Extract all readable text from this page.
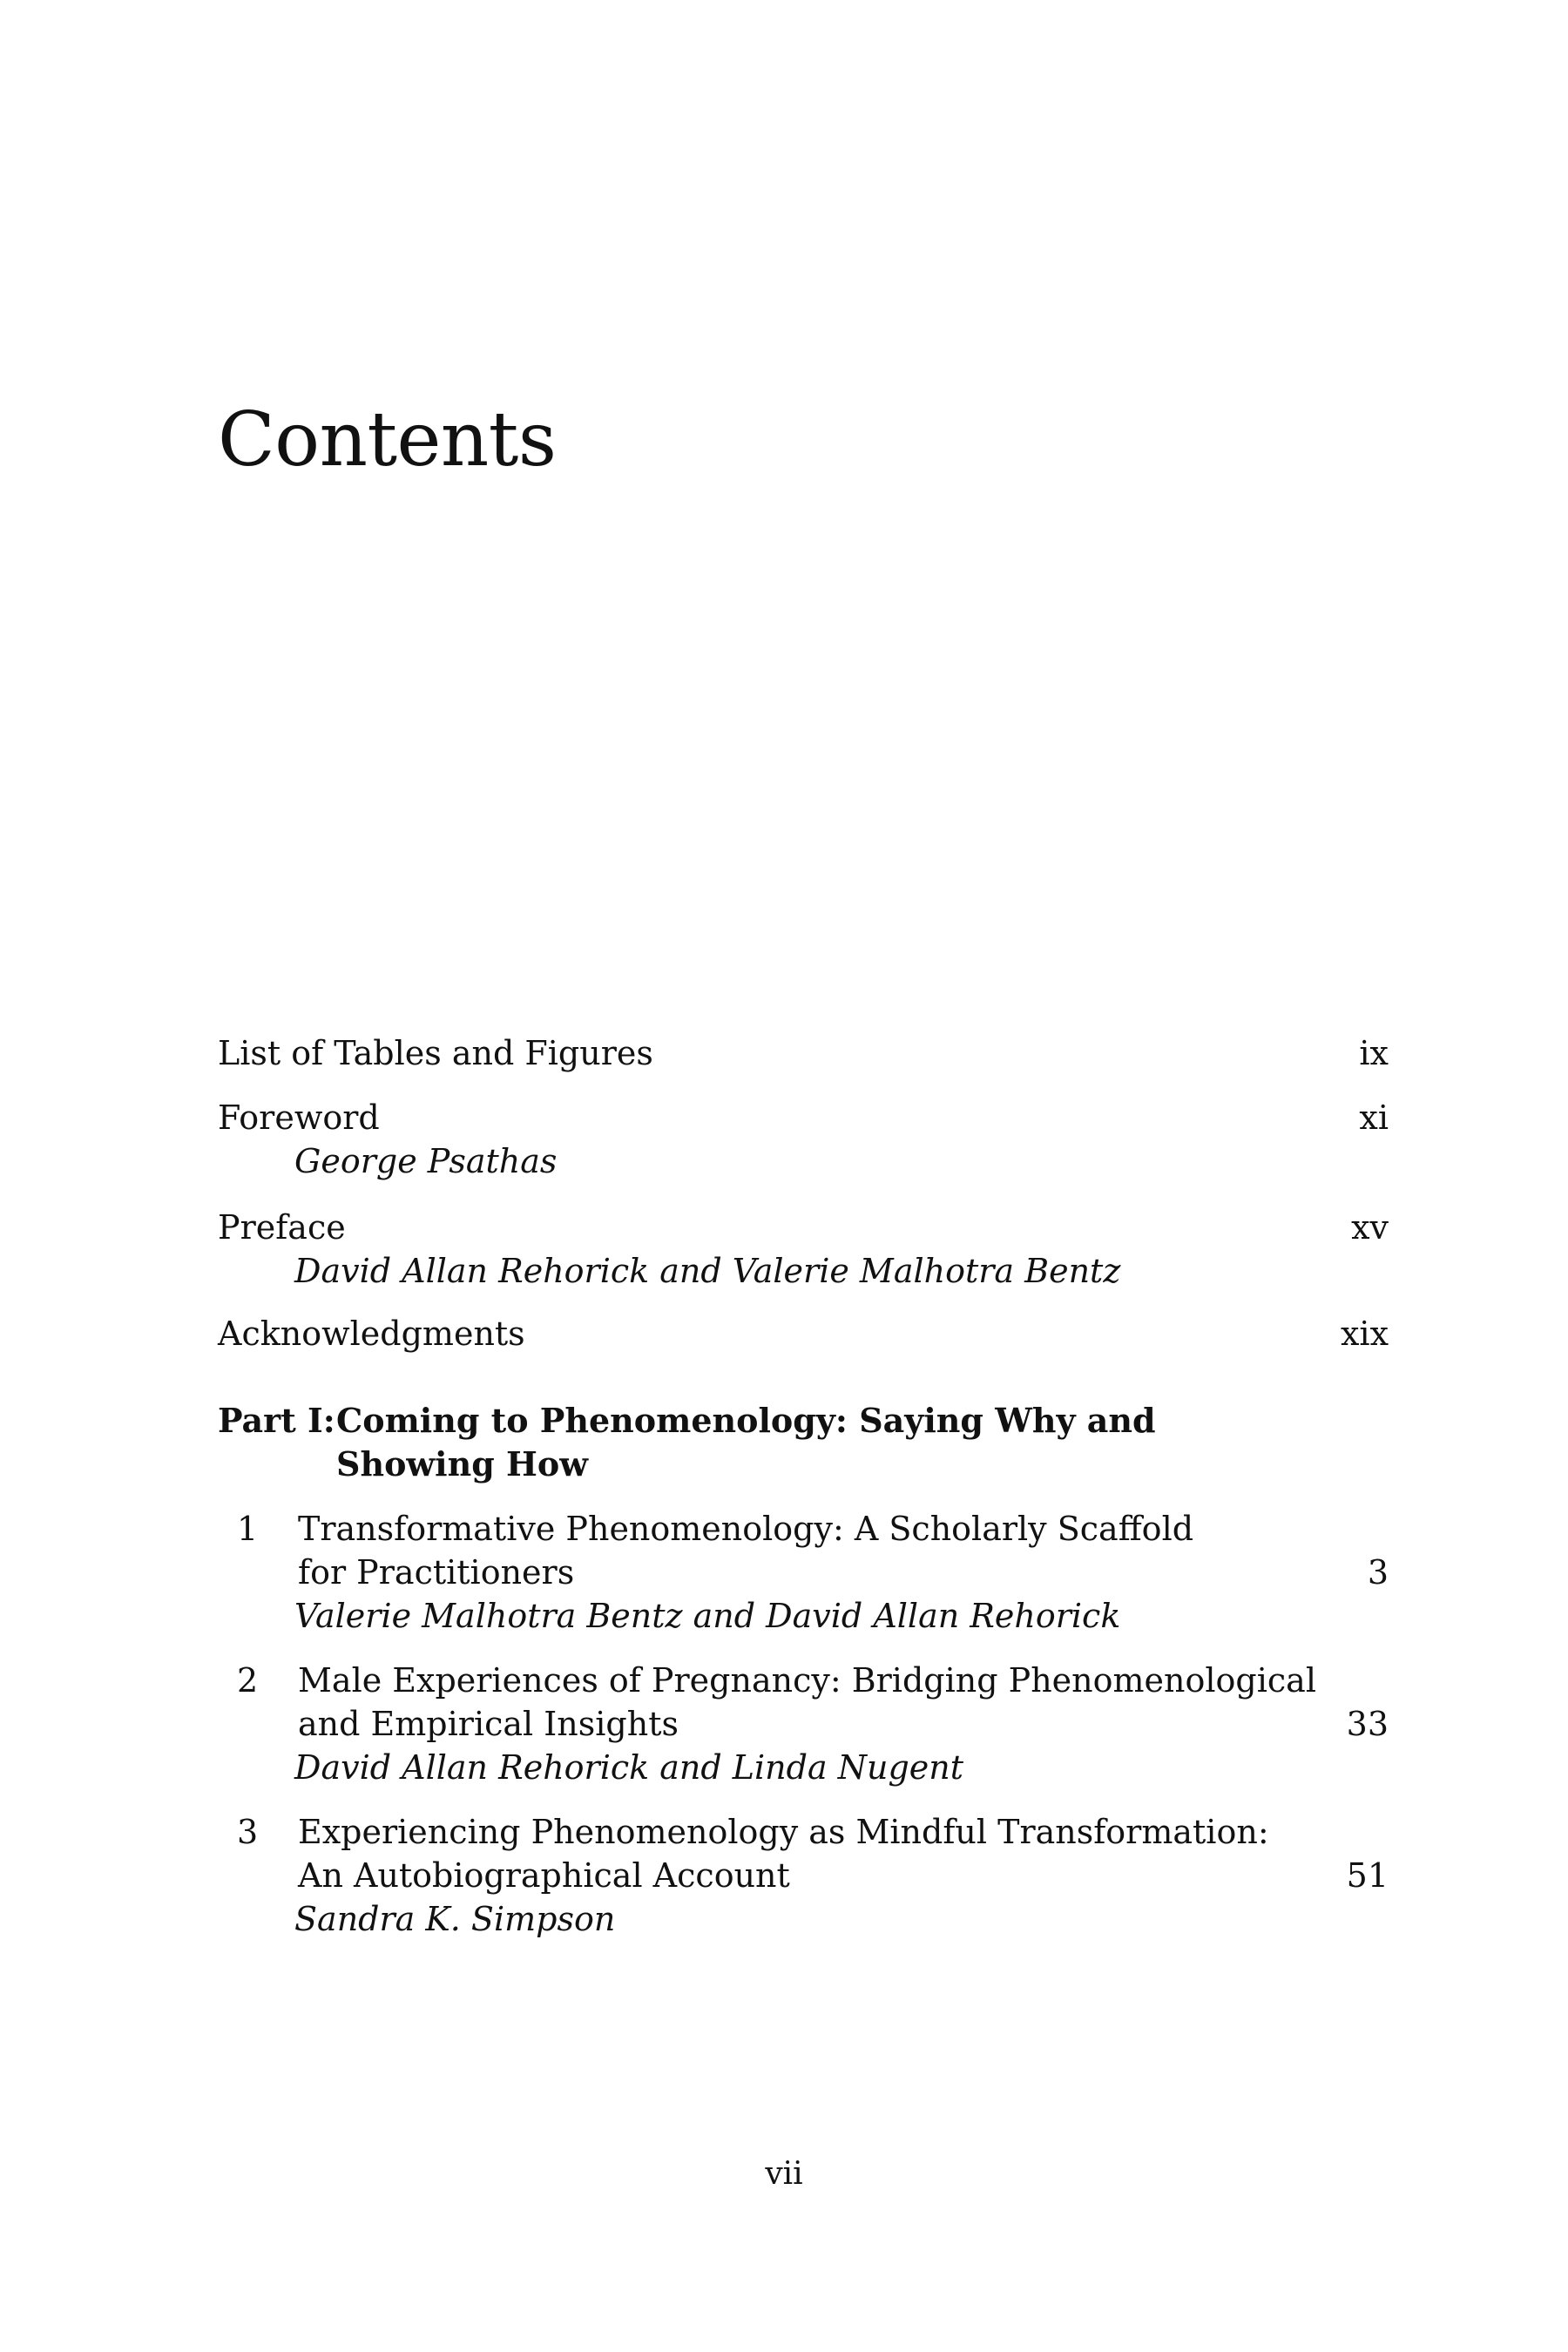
Contents
List of Tables and Figures	ix
Foreword	xi
George Psathas
Preface	xv
David Allan Rehorick and Valerie Malhotra Bentz
Acknowledgments	xix
Part I: Coming to Phenomenology: Saying Why and
Showing How
1 Transformative Phenomenology: A Scholarly Scaffold
for Practitioners	3
Valerie Malhotra Bentz and David Allan Rehorick
2 Male Experiences of Pregnancy: Bridging Phenomenological
and Empirical Insights	33
David Allan Rehorick and Linda Nugent
3 Experiencing Phenomenology as Mindful Transformation:
An Autobiographical Account	51
Sandra K. Simpson
vii
